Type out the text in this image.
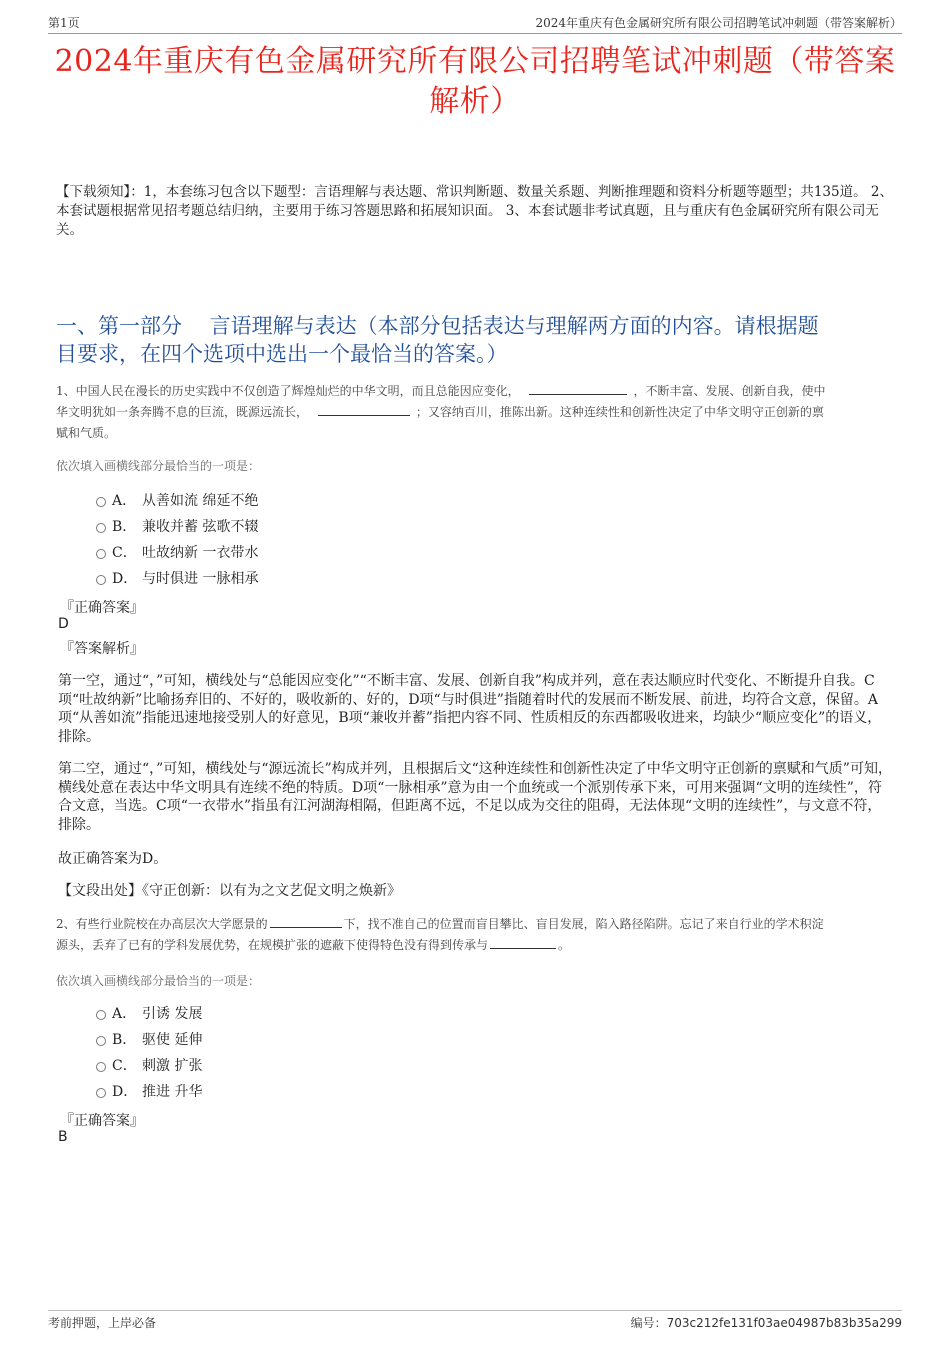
第1页	2024年重庆有色金属研究所有限公司招聘笔试冲刺题（带答案解析）
2024年重庆有色金属研究所有限公司招聘笔试冲刺题（带答案
解析）
【下载须知】：1，本套练习包含以下题型：言语理解与表达题、常识判断题、数量关系题、判断推理题和资料分析题等题型；共135道。 2、本套试题根据常见招考题总结归纳，主要用于练习答题思路和拓展知识面。 3、本套试题非考试真题，且与重庆有色金属研究所有限公司无关。
一、第一部分　 言语理解与表达（本部分包括表达与理解两方面的内容。请根据题
目要求，在四个选项中选出一个最恰当的答案。）
1、中国人民在漫长的历史实践中不仅创造了辉煌灿烂的中华文明，而且总能因应变化，	，不断丰富、发展、创新自我，使中
华文明犹如一条奔腾不息的巨流，既源远流长，	；又容纳百川，推陈出新。这种连续性和创新性决定了中华文明守正创新的禀
赋和气质。
依次填入画横线部分最恰当的一项是：
A． 从善如流 绵延不绝
B． 兼收并蓄 弦歌不辍
C． 吐故纳新 一衣带水
D． 与时俱进 一脉相承
『正确答案』
D
『答案解析』
第一空，通过“，”可知，横线处与“总能因应变化”“不断丰富、发展、创新自我”构成并列，意在表达顺应时代变化、不断提升自我。C项“吐故纳新”比喻扬弃旧的、不好的，吸收新的、好的，D项“与时俱进”指随着时代的发展而不断发展、前进，均符合文意，保留。A项“从善如流”指能迅速地接受别人的好意见，B项“兼收并蓄”指把内容不同、性质相反的东西都吸收进来，均缺少“顺应变化”的语义，排除。
第二空，通过“，”可知，横线处与“源远流长”构成并列，且根据后文“这种连续性和创新性决定了中华文明守正创新的禀赋和气质”可知，横线处意在表达中华文明具有连续不绝的特质。D项“一脉相承”意为由一个血统或一个派别传承下来，可用来强调“文明的连续性”，符合文意，当选。C项“一衣带水”指虽有江河湖海相隔，但距离不远，不足以成为交往的阻碍，无法体现“文明的连续性”，与文意不符，排除。
故正确答案为D。
【文段出处】《守正创新：以有为之文艺促文明之焕新》
2、有些行业院校在办高层次大学愿景的	下，找不准自己的位置而盲目攀比、盲目发展，陷入路径陷阱。忘记了来自行业的学术积淀
源头，丢弃了已有的学科发展优势，在规模扩张的遮蔽下使得特色没有得到传承与	。
依次填入画横线部分最恰当的一项是：
A． 引诱 发展
B． 驱使 延伸
C． 刺激 扩张
D． 推进 升华
『正确答案』
B
考前押题，上岸必备	编号：703c212fe131f03ae04987b83b35a299
